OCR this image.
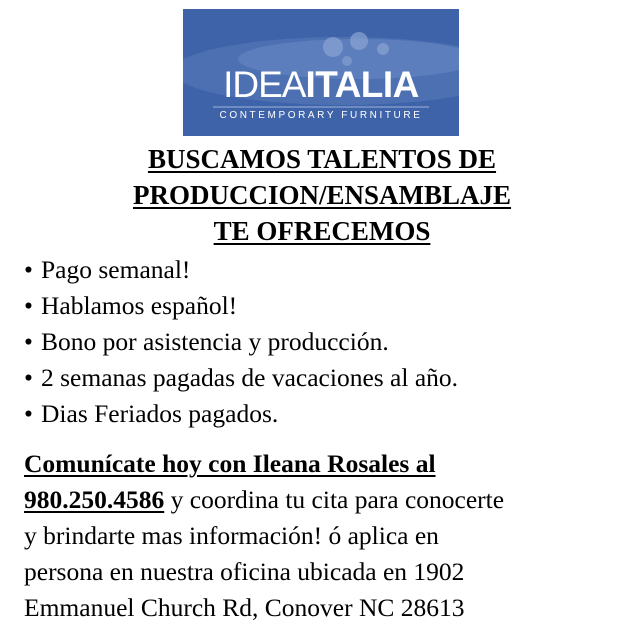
IDEAITALIA
CONTEMPORARY FURNITURE
BUSCAMOS TALENTOS DE
PRODUCCION/ENSAMBLAJE
TE OFRECEMOS
• Pago semanal!
• Hablamos español!
• Bono por asistencia y producción.
• 2 semanas pagadas de vacaciones al año.
• Dias Feriados pagados.
Comunícate hoy con Ileana Rosales al
980.250.4586 y coordina tu cita para conocerte
y brindarte mas información! ó aplica en
persona en nuestra oficina ubicada en 1902
Emmanuel Church Rd, Conover NC 28613
